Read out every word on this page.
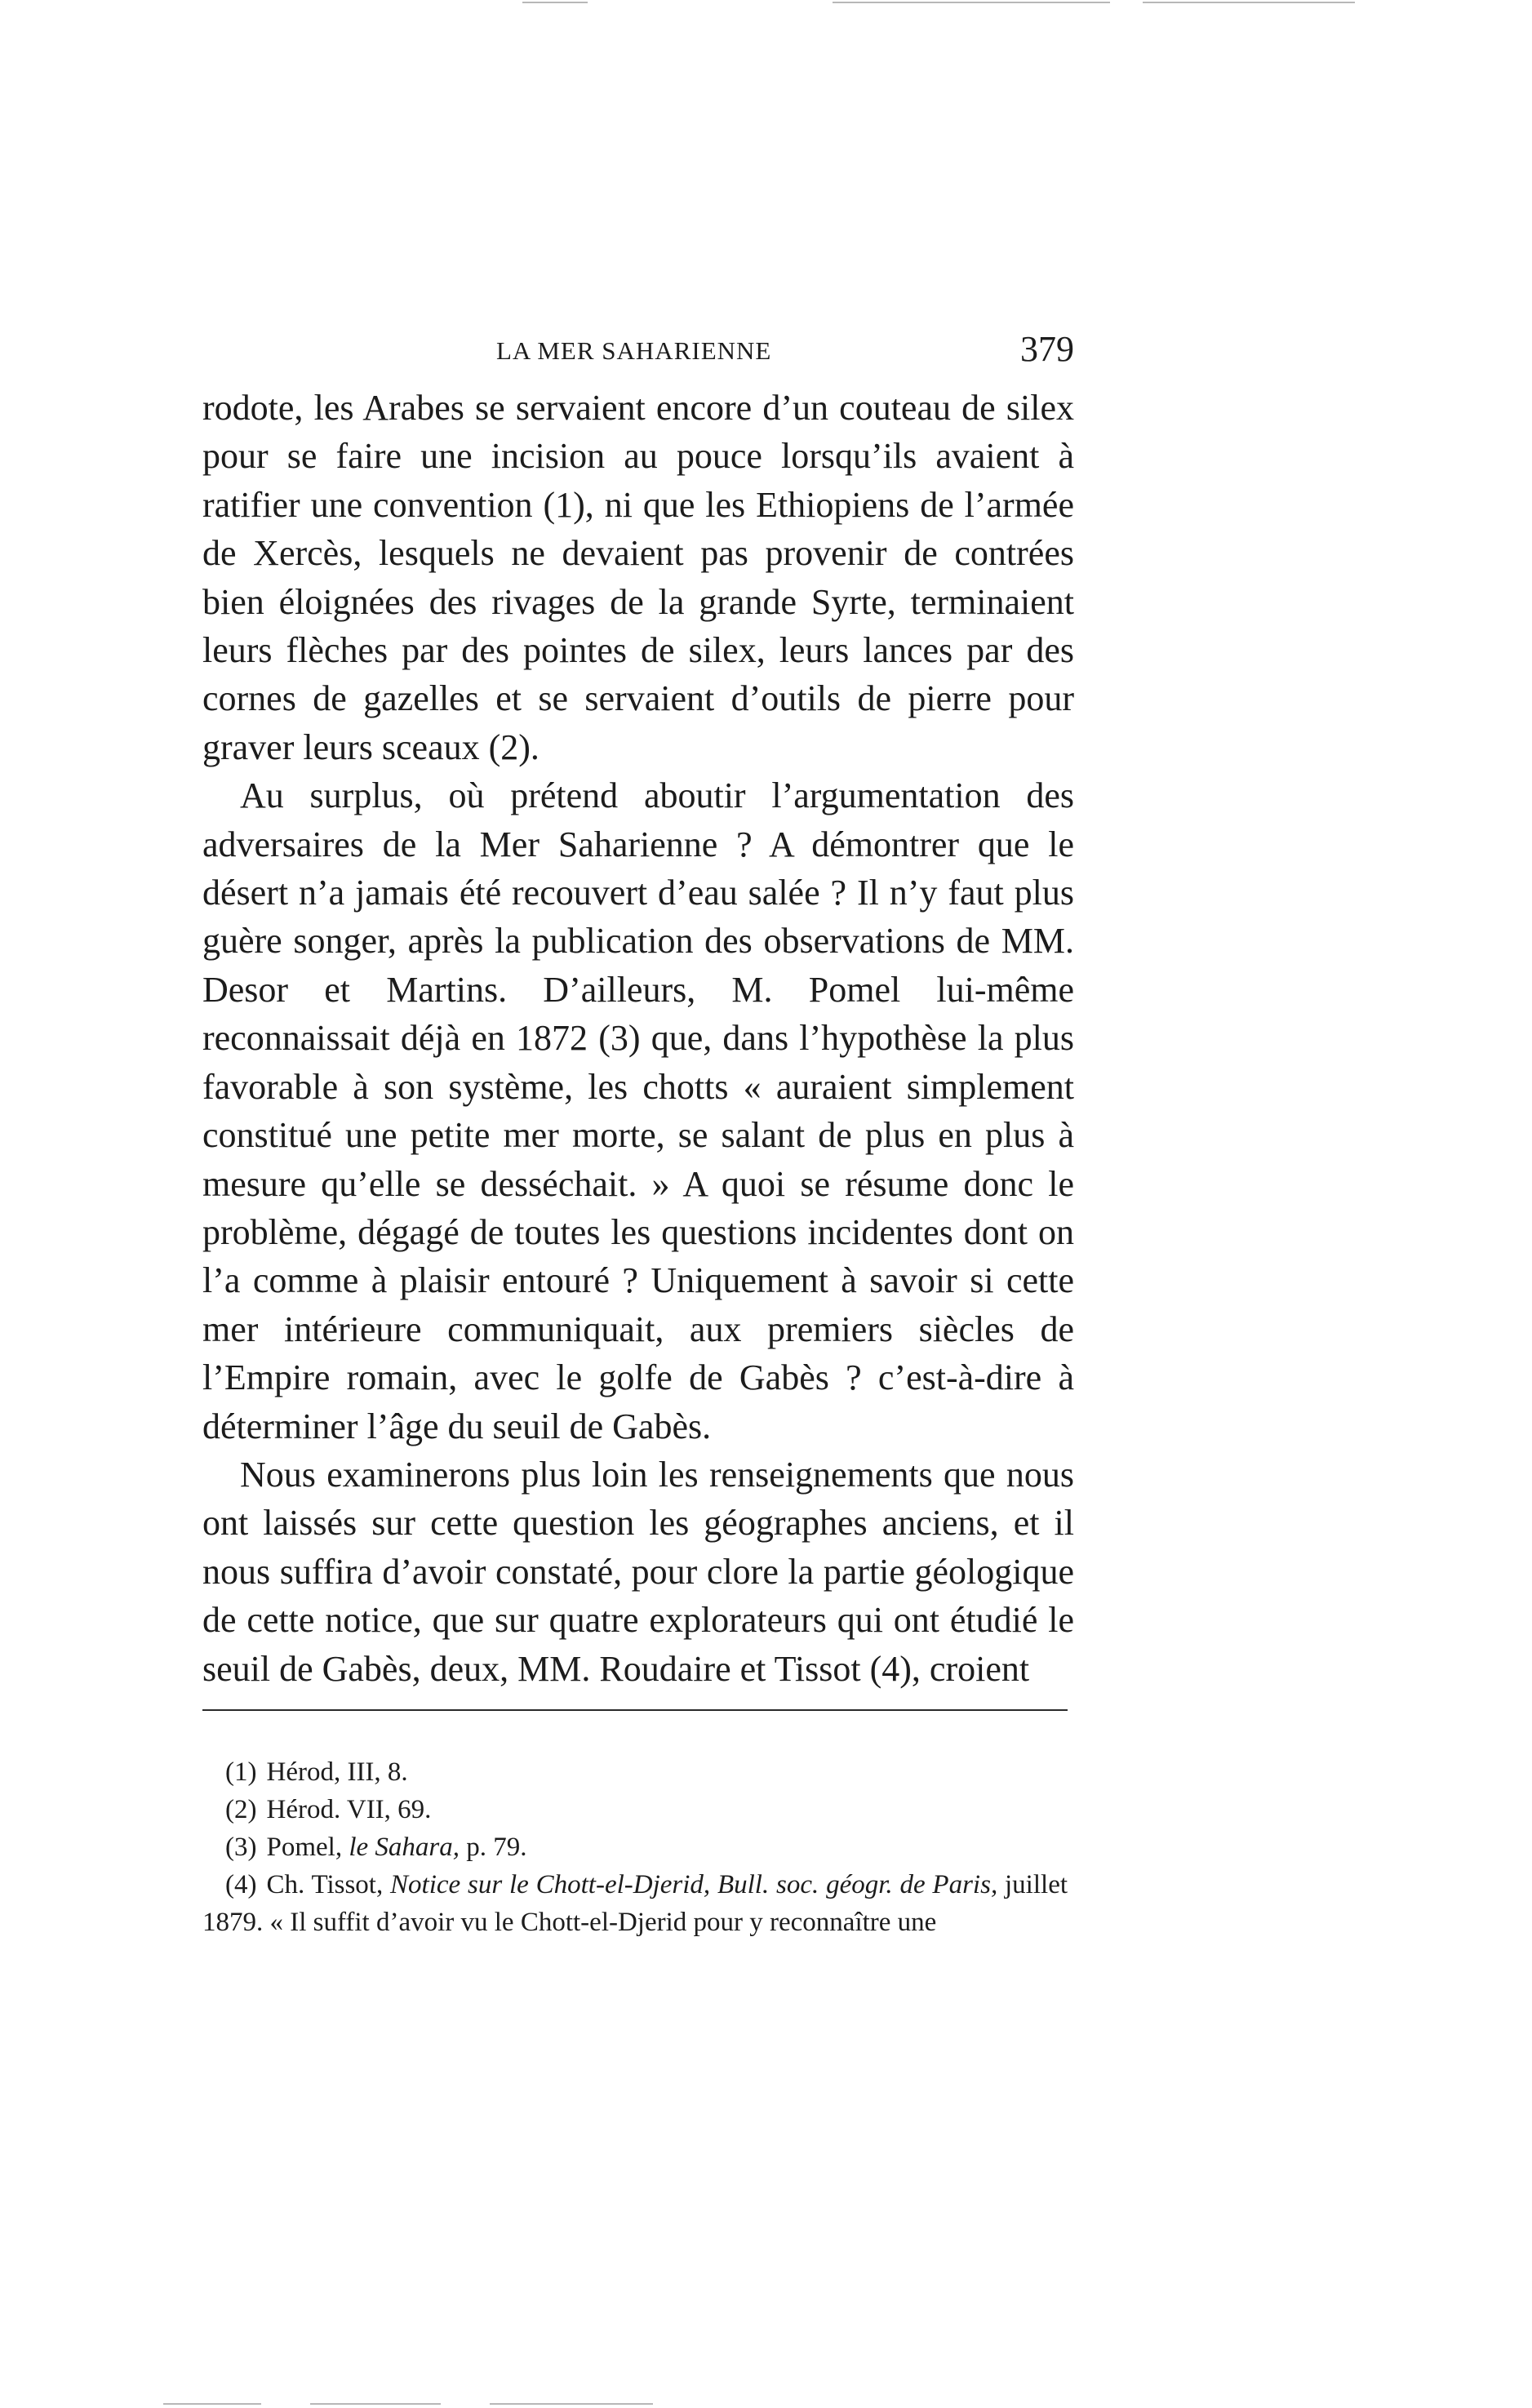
LA MER SAHARIENNE	379

rodote, les Arabes se servaient encore d’un couteau de silex pour se faire une incision au pouce lorsqu’ils avaient à ratifier une convention (1), ni que les Ethiopiens de l’armée de Xercès, lesquels ne devaient pas provenir de contrées bien éloignées des rivages de la grande Syrte, terminaient leurs flèches par des pointes de silex, leurs lances par des cornes de gazelles et se servaient d’outils de pierre pour graver leurs sceaux (2).

Au surplus, où prétend aboutir l’argumentation des adversaires de la Mer Saharienne ? A démontrer que le désert n’a jamais été recouvert d’eau salée ? Il n’y faut plus guère songer, après la publication des observations de MM. Desor et Martins. D’ailleurs, M. Pomel lui-même reconnaissait déjà en 1872 (3) que, dans l’hypothèse la plus favorable à son système, les chotts « auraient simplement constitué une petite mer morte, se salant de plus en plus à mesure qu’elle se desséchait. » A quoi se résume donc le problème, dégagé de toutes les questions incidentes dont on l’a comme à plaisir entouré ? Uniquement à savoir si cette mer intérieure communiquait, aux premiers siècles de l’Empire romain, avec le golfe de Gabès ? c’est-à-dire à déterminer l’âge du seuil de Gabès.

Nous examinerons plus loin les renseignements que nous ont laissés sur cette question les géographes anciens, et il nous suffira d’avoir constaté, pour clore la partie géologique de cette notice, que sur quatre explorateurs qui ont étudié le seuil de Gabès, deux, MM. Roudaire et Tissot (4), croient

(1) Hérod, III, 8.

(2) Hérod. VII, 69.

(3) Pomel, le Sahara, p. 79.

(4) Ch. Tissot, Notice sur le Chott-el-Djerid, Bull. soc. géogr. de Paris, juillet 1879. « Il suffit d’avoir vu le Chott-el-Djerid pour y reconnaître une
